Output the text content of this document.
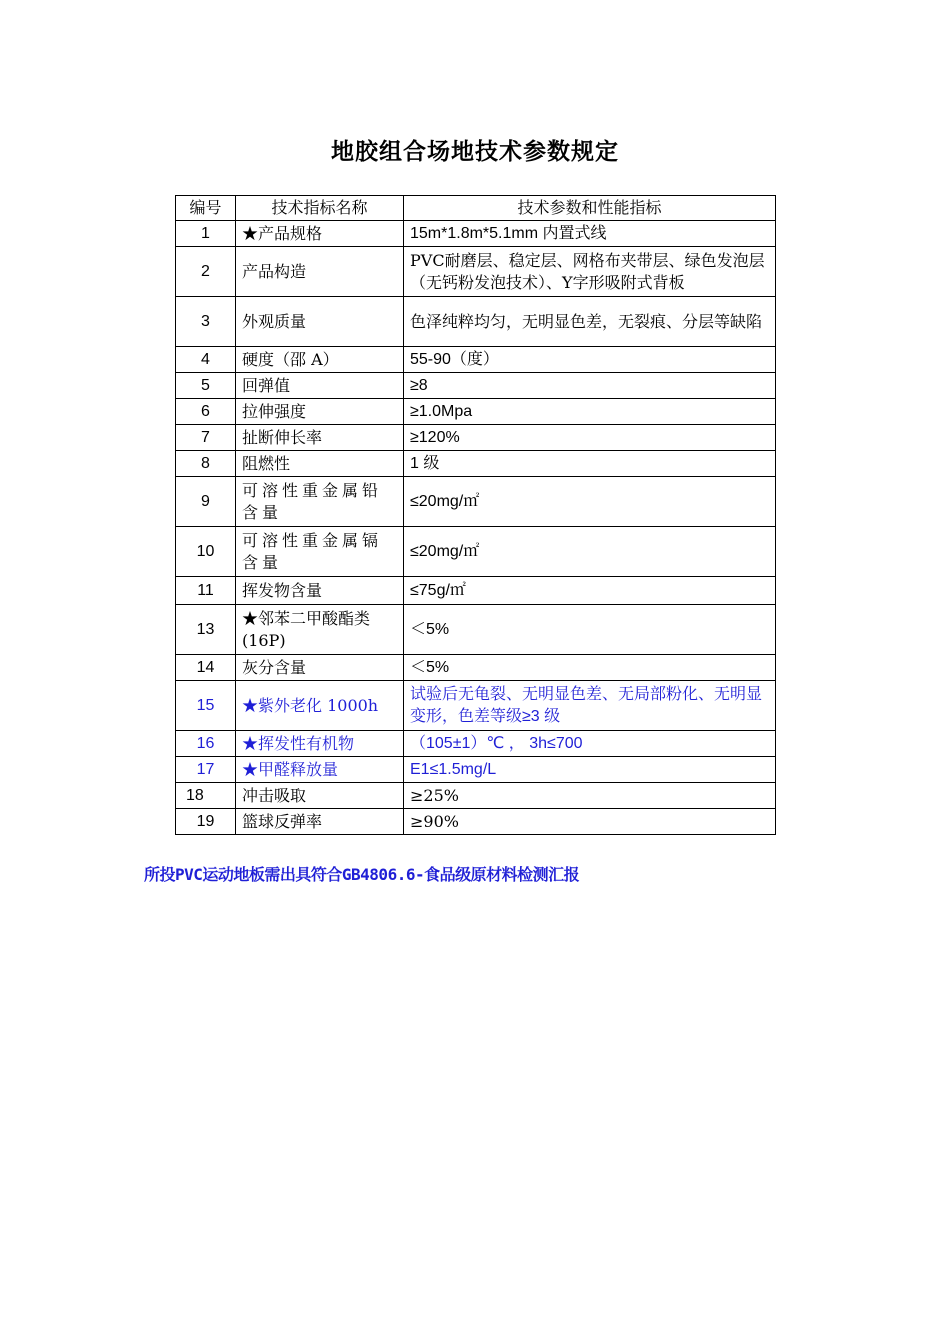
地胶组合场地技术参数规定
编号	技术指标名称	技术参数和性能指标
1	★产品规格	15m*1.8m*5.1mm 内置式线
2	产品构造	PVC耐磨层、稳定层、网格布夹带层、绿色发泡层（无钙粉发泡技术）、Y字形吸附式背板
3	外观质量	色泽纯粹均匀，无明显色差，无裂痕、分层等缺陷
4	硬度（邵 A）	55-90（度）
5	回弹值	≥8
6	拉伸强度	≥1.0Mpa
7	扯断伸长率	≥120%
8	阻燃性	1 级
9	可溶性重金属铅含量	≤20mg/㎡
10	可溶性重金属镉含量	≤20mg/㎡
11	挥发物含量	≤75g/㎡
13	★邻苯二甲酸酯类(16P)	＜5%
14	灰分含量	＜5%
15	★紫外老化 1000h	试验后无龟裂、无明显色差、无局部粉化、无明显变形，色差等级≥3 级
16	★挥发性有机物	（105±1）℃ ， 3h≤700
17	★甲醛释放量	E1≤1.5mg/L
18	冲击吸取	≥25%
19	篮球反弹率	≥90%
所投PVC运动地板需出具符合GB4806.6-食品级原材料检测汇报
